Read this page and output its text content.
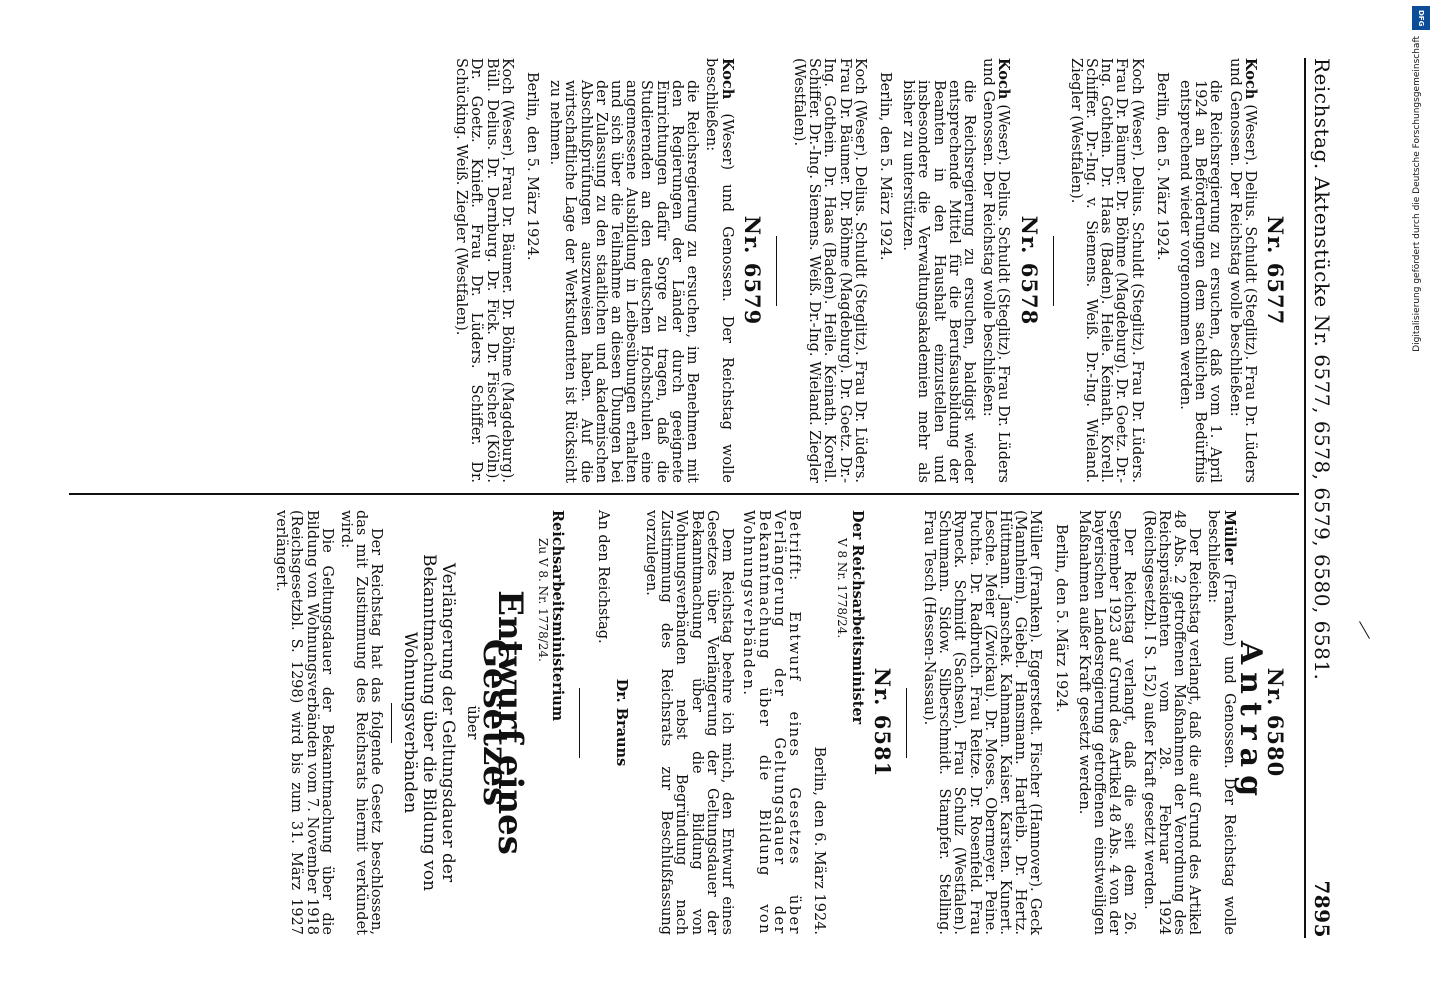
Reichstag. Aktenstücke Nr. 6577, 6578, 6579, 6580, 6581.
7895
Nr. 6577

Koch (Weser). Delius. Schuldt (Steglitz). Frau Dr. Lüders und Genossen. Der Reichstag wolle beschließen:

die Reichsregierung zu ersuchen, daß vom 1. April 1924 an Beförderungen dem sachlichen Bedürfnis entsprechend wieder vorgenommen werden.

Berlin, den 5. März 1924.

Koch (Weser). Delius. Schuldt (Steglitz). Frau Dr. Lüders. Frau Dr. Bäumer. Dr. Böhme (Magdeburg). Dr. Goetz. Dr.-Ing. Gothein. Dr. Haas (Baden). Heile. Keinath. Korell. Schiffer. Dr.-Ing. v. Siemens. Weiß. Dr.-Ing. Wieland. Ziegler (Westfalen).

Nr. 6578

Koch (Weser). Delius. Schuldt (Steglitz). Frau Dr. Lüders und Genossen. Der Reichstag wolle beschließen:

die Reichsregierung zu ersuchen, baldigst wieder entsprechende Mittel für die Berufsausbildung der Beamten in den Haushalt einzustellen und insbesondere die Verwaltungsakademien mehr als bisher zu unterstützen.

Berlin, den 5. März 1924.

Koch (Weser). Delius. Schuldt (Steglitz). Frau Dr. Lüders. Frau Dr. Bäumer. Dr. Böhme (Magdeburg). Dr. Goetz. Dr.-Ing. Gothein. Dr. Haas (Baden). Heile. Keinath. Korell. Schiffer. Dr.-Ing. Siemens. Weiß. Dr.-Ing. Wieland. Ziegler (Westfalen).

Nr. 6579

Koch (Weser) und Genossen. Der Reichstag wolle beschließen:

die Reichsregierung zu ersuchen, im Benehmen mit den Regierungen der Länder durch geeignete Einrichtungen dafür Sorge zu tragen, daß die Studierenden an den deutschen Hochschulen eine angemessene Ausbildung in Leibesübungen erhalten und sich über die Teilnahme an diesen Übungen bei der Zulassung zu den staatlichen und akademischen Abschlußprüfungen auszuweisen haben. Auf die wirtschaftliche Lage der Werkstudenten ist Rücksicht zu nehmen.

Berlin, den 5. März 1924.

Koch (Weser). Frau Dr. Bäumer. Dr. Böhme (Magdeburg). Büll. Delius. Dr. Dernburg. Dr. Fick. Dr. Fischer (Köln). Dr. Goetz. Knieft. Frau Dr. Lüders. Schiffer. Dr. Schücking. Weiß. Ziegler (Westfalen).

Nr. 6580
Antrag

Müller (Franken) und Genossen. Der Reichstag wolle beschließen:

Der Reichstag verlangt, daß die auf Grund des Artikel 48 Abs. 2 getroffenen Maßnahmen der Verordnung des Reichspräsidenten vom 28. Februar 1924 (Reichsgesetzbl. I S. 152) außer Kraft gesetzt werden.

Der Reichstag verlangt, daß die seit dem 26. September 1923 auf Grund des Artikel 48 Abs. 4 von der bayerischen Landesregierung getroffenen einstweiligen Maßnahmen außer Kraft gesetzt werden.

Berlin, den 5. März 1924.

Müller (Franken). Eggerstedt. Fischer (Hannover). Geck (Mannheim). Giebel. Hansmann. Hartleib. Dr. Hertz. Hüttmann. Janschek. Kahmann. Kaiser. Karsten. Kunert. Lesche. Meier (Zwickau). Dr. Moses. Obermeyer. Peine. Puchta. Dr. Radbruch. Frau Reitze. Dr. Rosenfeld. Frau Ryneck. Schmidt (Sachsen). Frau Schulz (Westfalen). Schumann. Sidow. Silberschmidt. Stampfer. Stelling. Frau Tesch (Hessen-Nassau).

Nr. 6581
Der Reichsarbeitsminister
V 8 Nr. 1778/24.
Berlin, den 6. März 1924.

Betrifft: Entwurf eines Gesetzes über Verlängerung der Geltungsdauer der Bekanntmachung über die Bildung von Wohnungsverbänden.

Dem Reichstag beehre ich mich, den Entwurf eines Gesetzes über Verlängerung der Geltungsdauer der Bekanntmachung über die Bildung von Wohnungsverbänden nebst Begründung nach Zustimmung des Reichsrats zur Beschlußfassung vorzulegen.

Dr. Brauns

An den Reichstag.

Reichsarbeitsministerium
Zu V 8. Nr. 1778/24.
Entwurf eines Gesetzes
über

Verlängerung der Geltungsdauer der Bekanntmachung über die Bildung von Wohnungsverbänden

Der Reichstag hat das folgende Gesetz beschlossen, das mit Zustimmung des Reichsrats hiermit verkündet wird:

Die Geltungsdauer der Bekanntmachung über die Bildung von Wohnungsverbänden vom 7. November 1918 (Reichsgesetzbl. S. 1298) wird bis zum 31. März 1927 verlängert.

DFG
Digitalisierung gefördert durch die Deutsche Forschungsgemeinschaft
